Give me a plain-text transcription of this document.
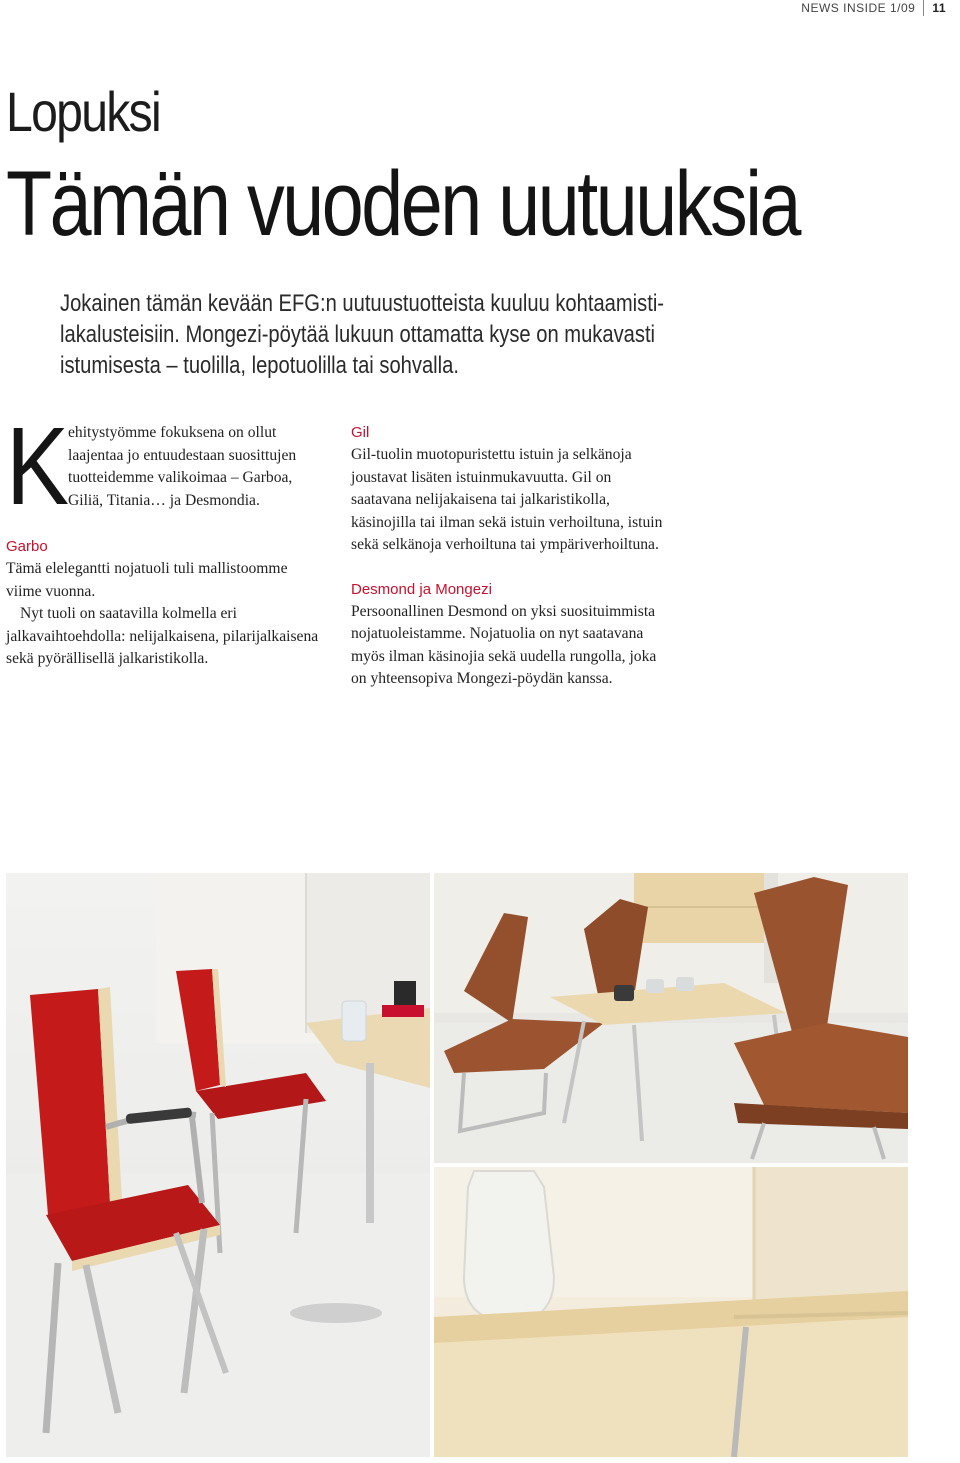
NEWS INSIDE 1/09 11
Lopuksi
Tämän vuoden uutuuksia

Jokainen tämän kevään EFG:n uutuustuotteista kuuluu kohtaamisti- lakalusteisiin. Mongezi-pöytää lukuun ottamatta kyse on mukavasti istumisesta – tuolilla, lepotuolilla tai sohvalla.

K

ehitystyömme fokuksena on ollut laajentaa jo entuudestaan suosittujen tuotteidemme valikoimaa – Garboa, Giliä, Titania… ja Desmondia.

Garbo

Tämä elelegantti nojatuoli tuli mallistoomme viime vuonna.

Nyt tuoli on saatavilla kolmella eri jalkavaihtoehdolla: nelijalkaisena, pilarijalkaisena sekä pyörällisellä jalkaristikolla.

Gil

Gil-tuolin muotopuristettu istuin ja selkänoja joustavat lisäten istuinmukavuutta. Gil on saatavana nelijakaisena tai jalkaristikolla, käsinojilla tai ilman sekä istuin verhoiltuna, istuin sekä selkänoja verhoiltuna tai ympäriverhoiltuna.

Desmond ja Mongezi

Persoonallinen Desmond on yksi suosituimmista nojatuoleistamme. Nojatuolia on nyt saatavana myös ilman käsinojia sekä uudella rungolla, joka on yhteensopiva Mongezi-pöydän kanssa.
